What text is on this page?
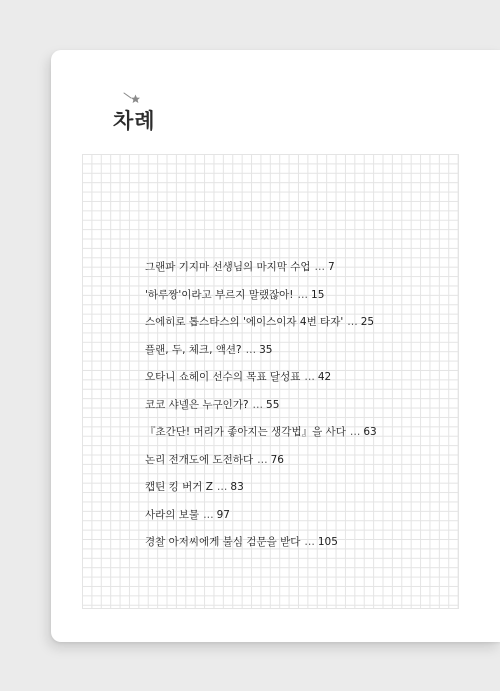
차례
그랜파 기지마 선생님의 마지막 수업 … 7
'하루짱'이라고 부르지 말랬잖아! … 15
스에히로 톱스타스의 '에이스이자 4번 타자' … 25
플랜, 두, 체크, 액션? … 35
오타니 쇼헤이 선수의 목표 달성표 … 42
코코 샤넬은 누구인가? … 55
『초간단! 머리가 좋아지는 생각법』을 사다 … 63
논리 전개도에 도전하다 … 76
캡틴 킹 버거 Z … 83
사라의 보물 … 97
경찰 아저씨에게 불심 검문을 받다 … 105
